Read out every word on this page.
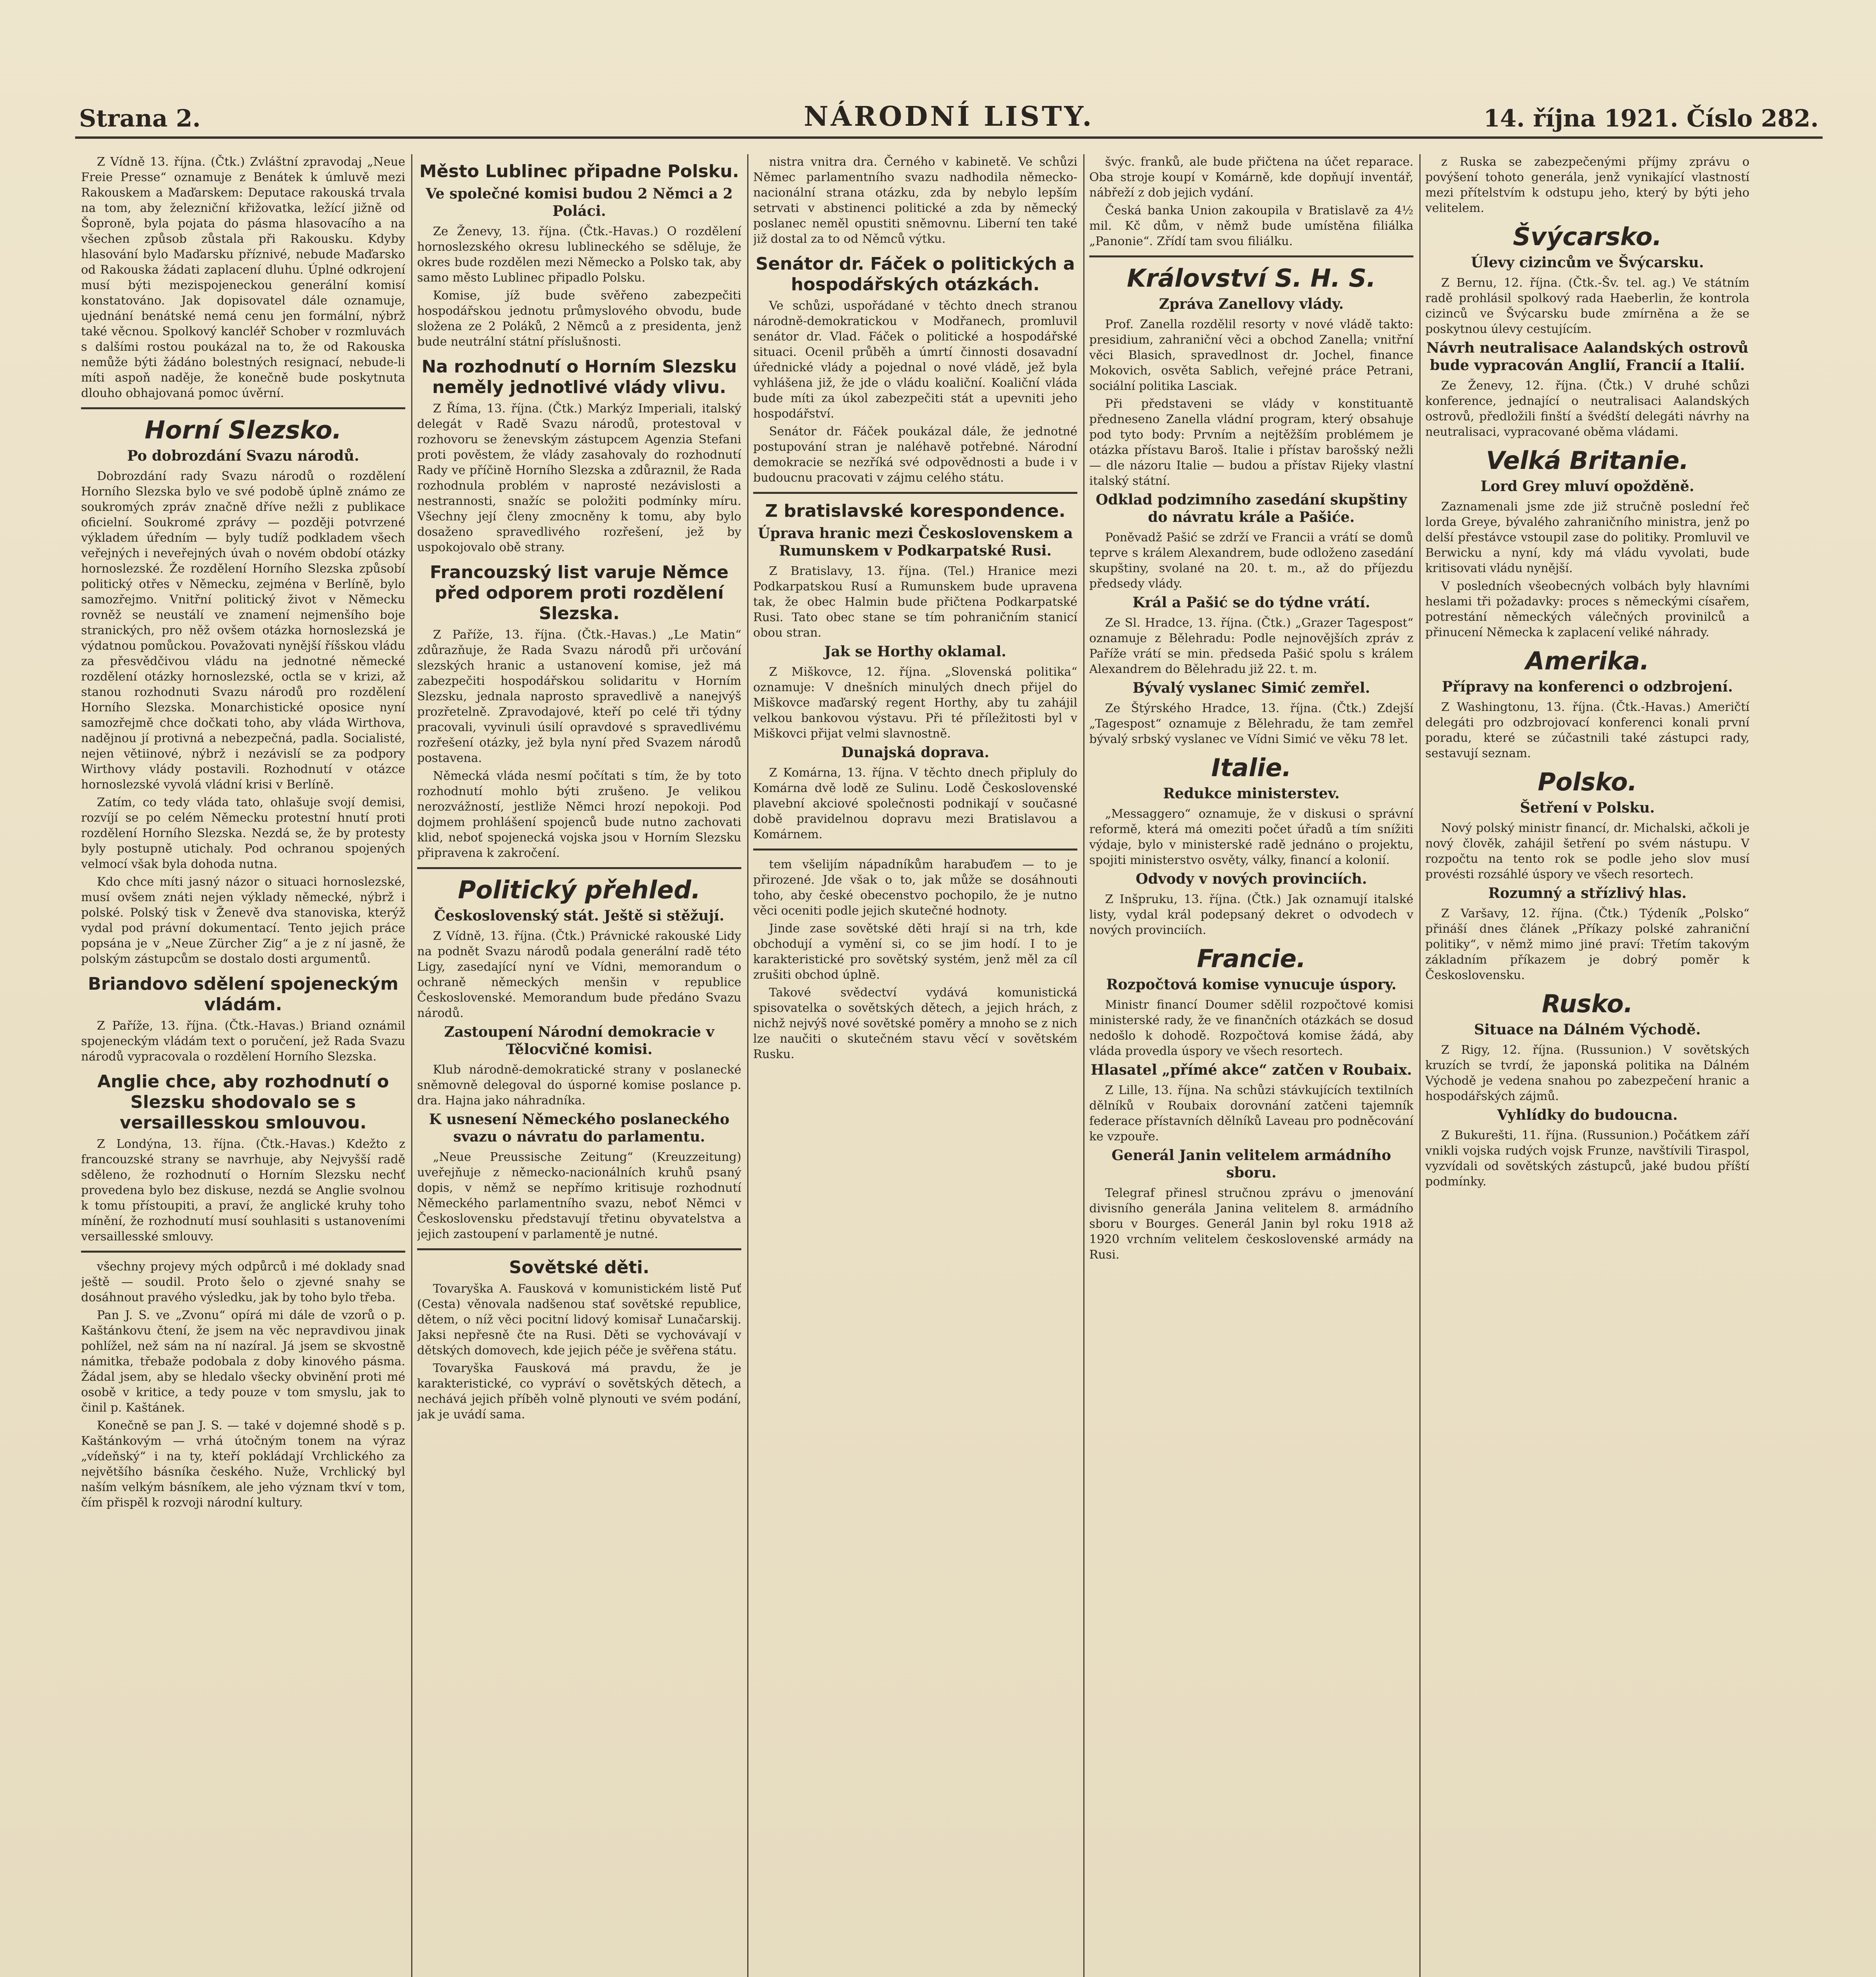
Strana 2.	NÁRODNÍ LISTY.	14. října 1921. Číslo 282.

Z Vídně 13. října. (Čtk.) Zvláštní zpravodaj „Neue Freie Presse“ oznamuje z Benátek k úmluvě mezi Rakouskem a Maďarskem: Deputace rakouská trvala na tom, aby železniční křižovatka, ležící jižně od Šoproně, byla pojata do pásma hlasovacího a na všechen způsob zůstala při Rakousku. Kdyby hlasování bylo Maďarsku příznivé, nebude Maďarsko od Rakouska žádati zaplacení dluhu. Úplné odkrojení musí býti mezispojeneckou generální komisí konstatováno. Jak dopisovatel dále oznamuje, ujednání benátské nemá cenu jen formální, nýbrž také věcnou. Spolkový kancléř Schober v rozmluvách s dalšími rostou poukázal na to, že od Rakouska nemůže býti žádáno bolestných resignací, nebude-li míti aspoň naděje, že konečně bude poskytnuta dlouho obhajovaná pomoc úvěrní.

Horní Slezsko.
Po dobrozdání Svazu národů.

Dobrozdání rady Svazu národů o rozdělení Horního Slezska bylo ve své podobě úplně známo ze soukromých zpráv značně dříve nežli z publikace oficielní. Soukromé zprávy — později potvrzené výkladem úředním — byly tudíž podkladem všech veřejných i neveřejných úvah o novém období otázky hornoslezské. Že rozdělení Horního Slezska způsobí politický otřes v Německu, zejména v Berlíně, bylo samozřejmo. Vnitřní politický život v Německu rovněž se neustálí ve znamení nejmenšího boje stranických, pro něž ovšem otázka hornoslezská je výdatnou pomůckou. Považovati nynější říšskou vládu za přesvědčivou vládu na jednotné německé rozdělení otázky hornoslezské, octla se v krizi, až stanou rozhodnuti Svazu národů pro rozdělení Horního Slezska. Monarchistické oposice nyní samozřejmě chce dočkati toho, aby vláda Wirthova, nadějnou jí protivná a nebezpečná, padla. Socialisté, nejen větiinové, nýbrž i nezávislí se za podpory Wirthovy vlády postavili. Rozhodnutí v otázce hornoslezské vyvolá vládní krisi v Berlíně.

Zatím, co tedy vláda tato, ohlašuje svojí demisi, rozvíjí se po celém Německu protestní hnutí proti rozdělení Horního Slezska. Nezdá se, že by protesty byly postupně utichaly. Pod ochranou spojených velmocí však byla dohoda nutna.

Kdo chce míti jasný názor o situaci hornoslezské, musí ovšem znáti nejen výklady německé, nýbrž i polské. Polský tisk v Ženevě dva stanoviska, kterýž vydal pod právní dokumentací. Tento jejich práce popsána je v „Neue Zürcher Zig“ a je z ní jasně, že polským zástupcům se dostalo dosti argumentů.

Briandovo sdělení spojeneckým vládám.

Z Paříže, 13. října. (Čtk.-Havas.) Briand oznámil spojeneckým vládám text o poručení, jež Rada Svazu národů vypracovala o rozdělení Horního Slezska.

Anglie chce, aby rozhodnutí o Slezsku shodovalo se s versaillesskou smlouvou.

Z Londýna, 13. října. (Čtk.-Havas.) Kdežto z francouzské strany se navrhuje, aby Nejvyšší radě sděleno, že rozhodnutí o Horním Slezsku nechť provedena bylo bez diskuse, nezdá se Anglie svolnou k tomu přístoupiti, a praví, že anglické kruhy toho mínění, že rozhodnutí musí souhlasiti s ustanoveními versaillesské smlouvy.

všechny projevy mých odpůrců i mé doklady snad ještě — soudil. Proto šelo o zjevné snahy se dosáhnout pravého výsledku, jak by toho bylo třeba.

Pan J. S. ve „Zvonu“ opírá mi dále de vzorů o p. Kaštánkovu čtení, že jsem na věc nepravdivou jinak pohlížel, než sám na ní nazíral. Já jsem se skvostně námitka, třebaže podobala z doby kinového pásma. Žádal jsem, aby se hledalo všecky obvinění proti mé osobě v kritice, a tedy pouze v tom smyslu, jak to činil p. Kaštánek.

Konečně se pan J. S. — také v dojemné shodě s p. Kaštánkovým — vrhá útočným tonem na výraz „vídeňský“ i na ty, kteří pokládají Vrchlického za největšího básníka českého. Nuže, Vrchlický byl naším velkým básníkem, ale jeho význam tkví v tom, čím přispěl k rozvoji národní kultury.

Město Lublinec připadne Polsku.
Ve společné komisi budou 2 Němci a 2 Poláci.

Ze Ženevy, 13. října. (Čtk.-Havas.) O rozdělení hornoslezského okresu lublineckého se sděluje, že okres bude rozdělen mezi Německo a Polsko tak, aby samo město Lublinec připadlo Polsku.

Komise, jíž bude svěřeno zabezpečiti hospodářskou jednotu průmyslového obvodu, bude složena ze 2 Poláků, 2 Němců a z presidenta, jenž bude neutrální státní příslušnosti.

Na rozhodnutí o Horním Slezsku neměly jednotlivé vlády vlivu.

Z Říma, 13. října. (Čtk.) Markýz Imperiali, italský delegát v Radě Svazu národů, protestoval v rozhovoru se ženevským zástupcem Agenzia Stefani proti pověstem, že vlády zasahovaly do rozhodnutí Rady ve příčině Horního Slezska a zdůraznil, že Rada rozhodnula problém v naprosté nezávislosti a nestrannosti, snažíc se položiti podmínky míru. Všechny její členy zmocněny k tomu, aby bylo dosaženo spravedlivého rozřešení, jež by uspokojovalo obě strany.

Francouzský list varuje Němce před odporem proti rozdělení Slezska.

Z Paříže, 13. října. (Čtk.-Havas.) „Le Matin“ zdůrazňuje, že Rada Svazu národů při určování slezských hranic a ustanovení komise, jež má zabezpečiti hospodářskou solidaritu v Horním Slezsku, jednala naprosto spravedlivě a nanejvýš prozřetelně. Zpravodajové, kteří po celé tři týdny pracovali, vyvinuli úsilí opravdové s spravedlivému rozřešení otázky, jež byla nyní před Svazem národů postavena.

Německá vláda nesmí počítati s tím, že by toto rozhodnutí mohlo býti zrušeno. Je velikou nerozvážností, jestliže Němci hrozí nepokoji. Pod dojmem prohlášení spojenců bude nutno zachovati klid, neboť spojenecká vojska jsou v Horním Slezsku připravena k zakročení.

Politický přehled.
Československý stát. Ještě si stěžují.

Z Vídně, 13. října. (Čtk.) Právnické rakouské Lidy na podnět Svazu národů podala generální radě této Ligy, zasedající nyní ve Vídni, memorandum o ochraně německých menšin v republice Československé. Memorandum bude předáno Svazu národů.

Zastoupení Národní demokracie v Tělocvičné komisi.

Klub národně-demokratické strany v poslanecké sněmovně delegoval do úsporné komise poslance p. dra. Hajna jako náhradníka.

K usnesení Německého poslaneckého svazu o návratu do parlamentu.

„Neue Preussische Zeitung“ (Kreuzzeitung) uveřejňuje z německo-nacionálních kruhů psaný dopis, v němž se nepřímo kritisuje rozhodnutí Německého parlamentního svazu, neboť Němci v Československu představují třetinu obyvatelstva a jejich zastoupení v parlamentě je nutné.

Sovětské děti.

Tovaryška A. Fausková v komunistickém listě Puť (Cesta) věnovala nadšenou stať sovětské republice, dětem, o níž věci pocitní lidový komisař Lunačarskij. Jaksi nepřesně čte na Rusi. Děti se vychovávají v dětských domovech, kde jejich péče je svěřena státu.

Tovaryška Fausková má pravdu, že je karakteristické, co vypráví o sovětských dětech, a nechává jejich příběh volně plynouti ve svém podání, jak je uvádí sama.

nistra vnitra dra. Černého v kabinetě. Ve schůzi Němec parlamentního svazu nadhodila německo-nacionální strana otázku, zda by nebylo lepším setrvati v abstinenci politické a zda by německý poslanec neměl opustiti sněmovnu. Liberní ten také již dostal za to od Němců výtku.

Senátor dr. Fáček o politických a hospodářských otázkách.

Ve schůzi, uspořádané v těchto dnech stranou národně-demokratickou v Modřanech, promluvil senátor dr. Vlad. Fáček o politické a hospodářské situaci. Ocenil průběh a úmrtí činnosti dosavadní úřednické vlády a pojednal o nové vládě, jež byla vyhlášena již, že jde o vládu koaliční. Koaliční vláda bude míti za úkol zabezpečiti stát a upevniti jeho hospodářství.

Senátor dr. Fáček poukázal dále, že jednotné postupování stran je naléhavě potřebné. Národní demokracie se nezříká své odpovědnosti a bude i v budoucnu pracovati v zájmu celého státu.

Z bratislavské korespondence.
Úprava hranic mezi Československem a Rumunskem v Podkarpatské Rusi.

Z Bratislavy, 13. října. (Tel.) Hranice mezi Podkarpatskou Rusí a Rumunskem bude upravena tak, že obec Halmin bude přičtena Podkarpatské Rusi. Tato obec stane se tím pohraničním stanicí obou stran.

Jak se Horthy oklamal.

Z Miškovce, 12. října. „Slovenská politika“ oznamuje: V dnešních minulých dnech přijel do Miškovce maďarský regent Horthy, aby tu zahájil velkou bankovou výstavu. Při té příležitosti byl v Miškovci přijat velmi slavnostně.

Dunajská doprava.

Z Komárna, 13. října. V těchto dnech připluly do Komárna dvě lodě ze Sulinu. Lodě Československé plavební akciové společnosti podnikají v současné době pravidelnou dopravu mezi Bratislavou a Komárnem.

tem všelijím nápadníkům harabuďem — to je přirozené. Jde však o to, jak může se dosáhnouti toho, aby české obecenstvo pochopilo, že je nutno věci oceniti podle jejich skutečné hodnoty.

Jinde zase sovětské děti hrají si na trh, kde obchodují a vymění si, co se jim hodí. I to je karakteristické pro sovětský systém, jenž měl za cíl zrušiti obchod úplně.

Takové svědectví vydává komunistická spisovatelka o sovětských dětech, a jejich hrách, z nichž nejvýš nové sovětské poměry a mnoho se z nich lze naučiti o skutečném stavu věcí v sovětském Rusku.

švýc. franků, ale bude přičtena na účet reparace. Oba stroje koupí v Komárně, kde dopňují inventář, nábřeží z dob jejich vydání.

Česká banka Union zakoupila v Bratislavě za 4½ mil. Kč dům, v němž bude umístěna filiálka „Panonie“. Zřídí tam svou filiálku.

Království S. H. S.
Zpráva Zanellovy vlády.

Prof. Zanella rozdělil resorty v nové vládě takto: presidium, zahraniční věci a obchod Zanella; vnitřní věci Blasich, spravedlnost dr. Jochel, finance Mokovich, osvěta Sablich, veřejné práce Petrani, sociální politika Lasciak.

Při představeni se vlády v konstituantě předneseno Zanella vládní program, který obsahuje pod tyto body: Prvním a nejtěžším problémem je otázka přístavu Baroš. Italie i přístav barošský nežli — dle názoru Italie — budou a přístav Rijeky vlastní italský státní.

Odklad podzimního zasedání skupštiny do návratu krále a Pašiće.

Poněvadž Pašić se zdrží ve Francii a vrátí se domů teprve s králem Alexandrem, bude odloženo zasedání skupštiny, svolané na 20. t. m., až do příjezdu předsedy vlády.

Král a Pašić se do týdne vrátí.

Ze Sl. Hradce, 13. října. (Čtk.) „Grazer Tagespost“ oznamuje z Bělehradu: Podle nejnovějších zpráv z Paříže vrátí se min. předseda Pašić spolu s králem Alexandrem do Bělehradu již 22. t. m.

Bývalý vyslanec Simić zemřel.

Ze Štýrského Hradce, 13. října. (Čtk.) Zdejší „Tagespost“ oznamuje z Bělehradu, že tam zemřel bývalý srbský vyslanec ve Vídni Simić ve věku 78 let.

Italie.
Redukce ministerstev.

„Messaggero“ oznamuje, že v diskusi o správní reformě, která má omeziti počet úřadů a tím snížiti výdaje, bylo v ministerské radě jednáno o projektu, spojiti ministerstvo osvěty, války, financí a kolonií.

Odvody v nových provinciích.

Z Inšpruku, 13. října. (Čtk.) Jak oznamují italské listy, vydal král podepsaný dekret o odvodech v nových provinciích.

Francie.
Rozpočtová komise vynucuje úspory.

Ministr financí Doumer sdělil rozpočtové komisi ministerské rady, že ve finančních otázkách se dosud nedošlo k dohodě. Rozpočtová komise žádá, aby vláda provedla úspory ve všech resortech.

Hlasatel „přímé akce“ zatčen v Roubaix.

Z Lille, 13. října. Na schůzi stávkujících textilních dělníků v Roubaix dorovnání zatčeni tajemník federace přístavních dělníků Laveau pro podněcování ke vzpouře.

Generál Janin velitelem armádního sboru.

Telegraf přinesl stručnou zprávu o jmenování divisního generála Janina velitelem 8. armádního sboru v Bourges. Generál Janin byl roku 1918 až 1920 vrchním velitelem československé armády na Rusi.

z Ruska se zabezpečenými příjmy zprávu o povýšení tohoto generála, jenž vynikající vlastností mezi přítelstvím k odstupu jeho, který by býti jeho velitelem.

Švýcarsko.
Úlevy cizincům ve Švýcarsku.

Z Bernu, 12. října. (Čtk.-Šv. tel. ag.) Ve státním radě prohlásil spolkový rada Haeberlin, že kontrola cizinců ve Švýcarsku bude zmírněna a že se poskytnou úlevy cestujícím.

Návrh neutralisace Aalandských ostrovů bude vypracován Anglií, Francií a Italií.

Ze Ženevy, 12. října. (Čtk.) V druhé schůzi konference, jednající o neutralisaci Aalandských ostrovů, předložili finští a švédští delegáti návrhy na neutralisaci, vypracované oběma vládami.

Velká Britanie.
Lord Grey mluví opožděně.

Zaznamenali jsme zde již stručně poslední řeč lorda Greye, bývalého zahraničního ministra, jenž po delší přestávce vstoupil zase do politiky. Promluvil ve Berwicku a nyní, kdy má vládu vyvolati, bude kritisovati vládu nynější.

V posledních všeobecných volbách byly hlavními heslami tři požadavky: proces s německými císařem, potrestání německých válečných provinilců a přinucení Německa k zaplacení veliké náhrady.

Amerika.
Přípravy na konferenci o odzbrojení.

Z Washingtonu, 13. října. (Čtk.-Havas.) Američtí delegáti pro odzbrojovací konferenci konali první poradu, které se zúčastnili také zástupci rady, sestavují seznam.

Polsko.
Šetření v Polsku.

Nový polský ministr financí, dr. Michalski, ačkoli je nový člověk, zahájil šetření po svém nástupu. V rozpočtu na tento rok se podle jeho slov musí provésti rozsáhlé úspory ve všech resortech.

Rozumný a střízlivý hlas.

Z Varšavy, 12. října. (Čtk.) Týdeník „Polsko“ přináší dnes článek „Příkazy polské zahraniční politiky“, v němž mimo jiné praví: Třetím takovým základním příkazem je dobrý poměr k Československu.

Rusko.
Situace na Dálném Východě.

Z Rigy, 12. října. (Russunion.) V sovětských kruzích se tvrdí, že japonská politika na Dálném Východě je vedena snahou po zabezpečení hranic a hospodářských zájmů.

Vyhlídky do budoucna.

Z Bukurešti, 11. října. (Russunion.) Počátkem září vnikli vojska rudých vojsk Frunze, navštívili Tiraspol, vyzvídali od sovětských zástupců, jaké budou příští podmínky.
